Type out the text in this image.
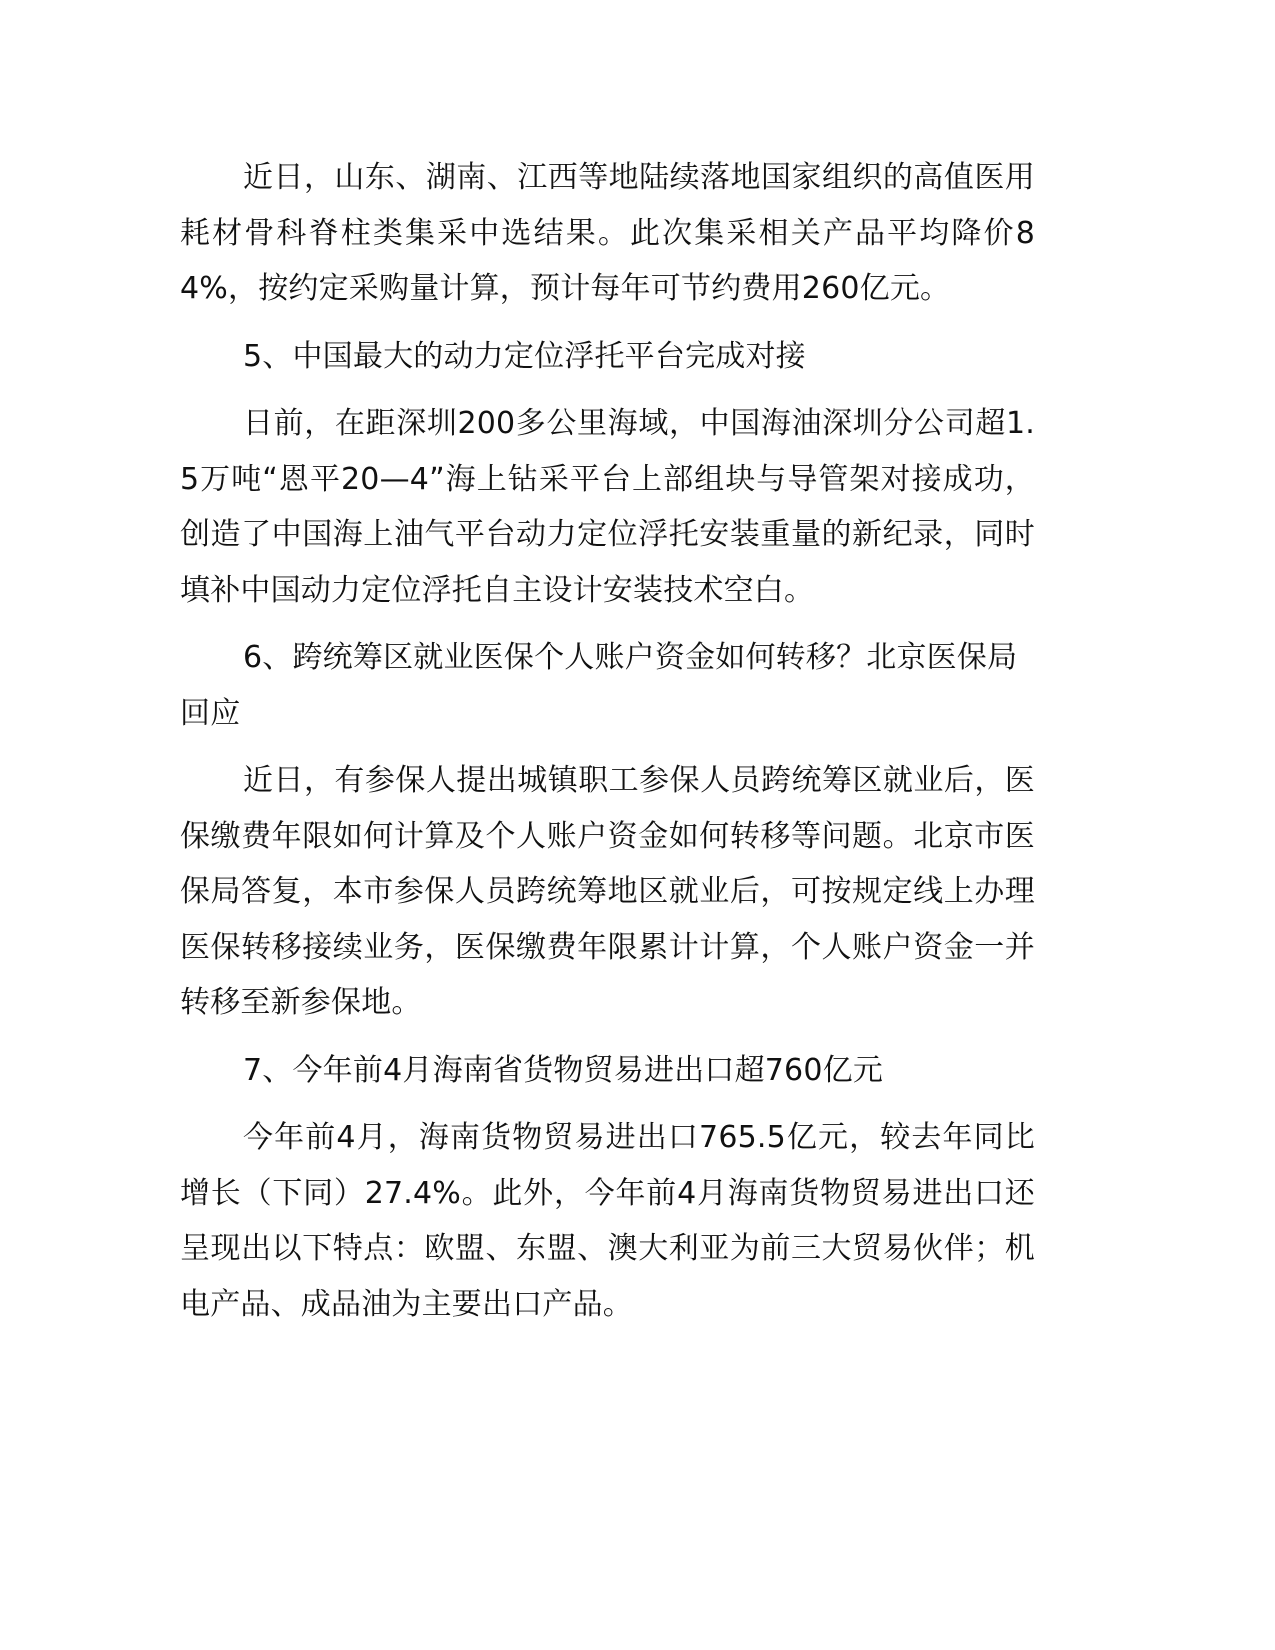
近日，山东、湖南、江西等地陆续落地国家组织的高值医用耗材骨科脊柱类集采中选结果。此次集采相关产品平均降价84%，按约定采购量计算，预计每年可节约费用260亿元。

5、中国最大的动力定位浮托平台完成对接

日前，在距深圳200多公里海域，中国海油深圳分公司超1.5万吨“恩平20—4”海上钻采平台上部组块与导管架对接成功，创造了中国海上油气平台动力定位浮托安装重量的新纪录，同时填补中国动力定位浮托自主设计安装技术空白。

6、跨统筹区就业医保个人账户资金如何转移？北京医保局回应

近日，有参保人提出城镇职工参保人员跨统筹区就业后，医保缴费年限如何计算及个人账户资金如何转移等问题。北京市医保局答复，本市参保人员跨统筹地区就业后，可按规定线上办理医保转移接续业务，医保缴费年限累计计算，个人账户资金一并转移至新参保地。

7、今年前4月海南省货物贸易进出口超760亿元

今年前4月，海南货物贸易进出口765.5亿元，较去年同比增长（下同）27.4%。此外，今年前4月海南货物贸易进出口还呈现出以下特点：欧盟、东盟、澳大利亚为前三大贸易伙伴；机电产品、成品油为主要出口产品。
